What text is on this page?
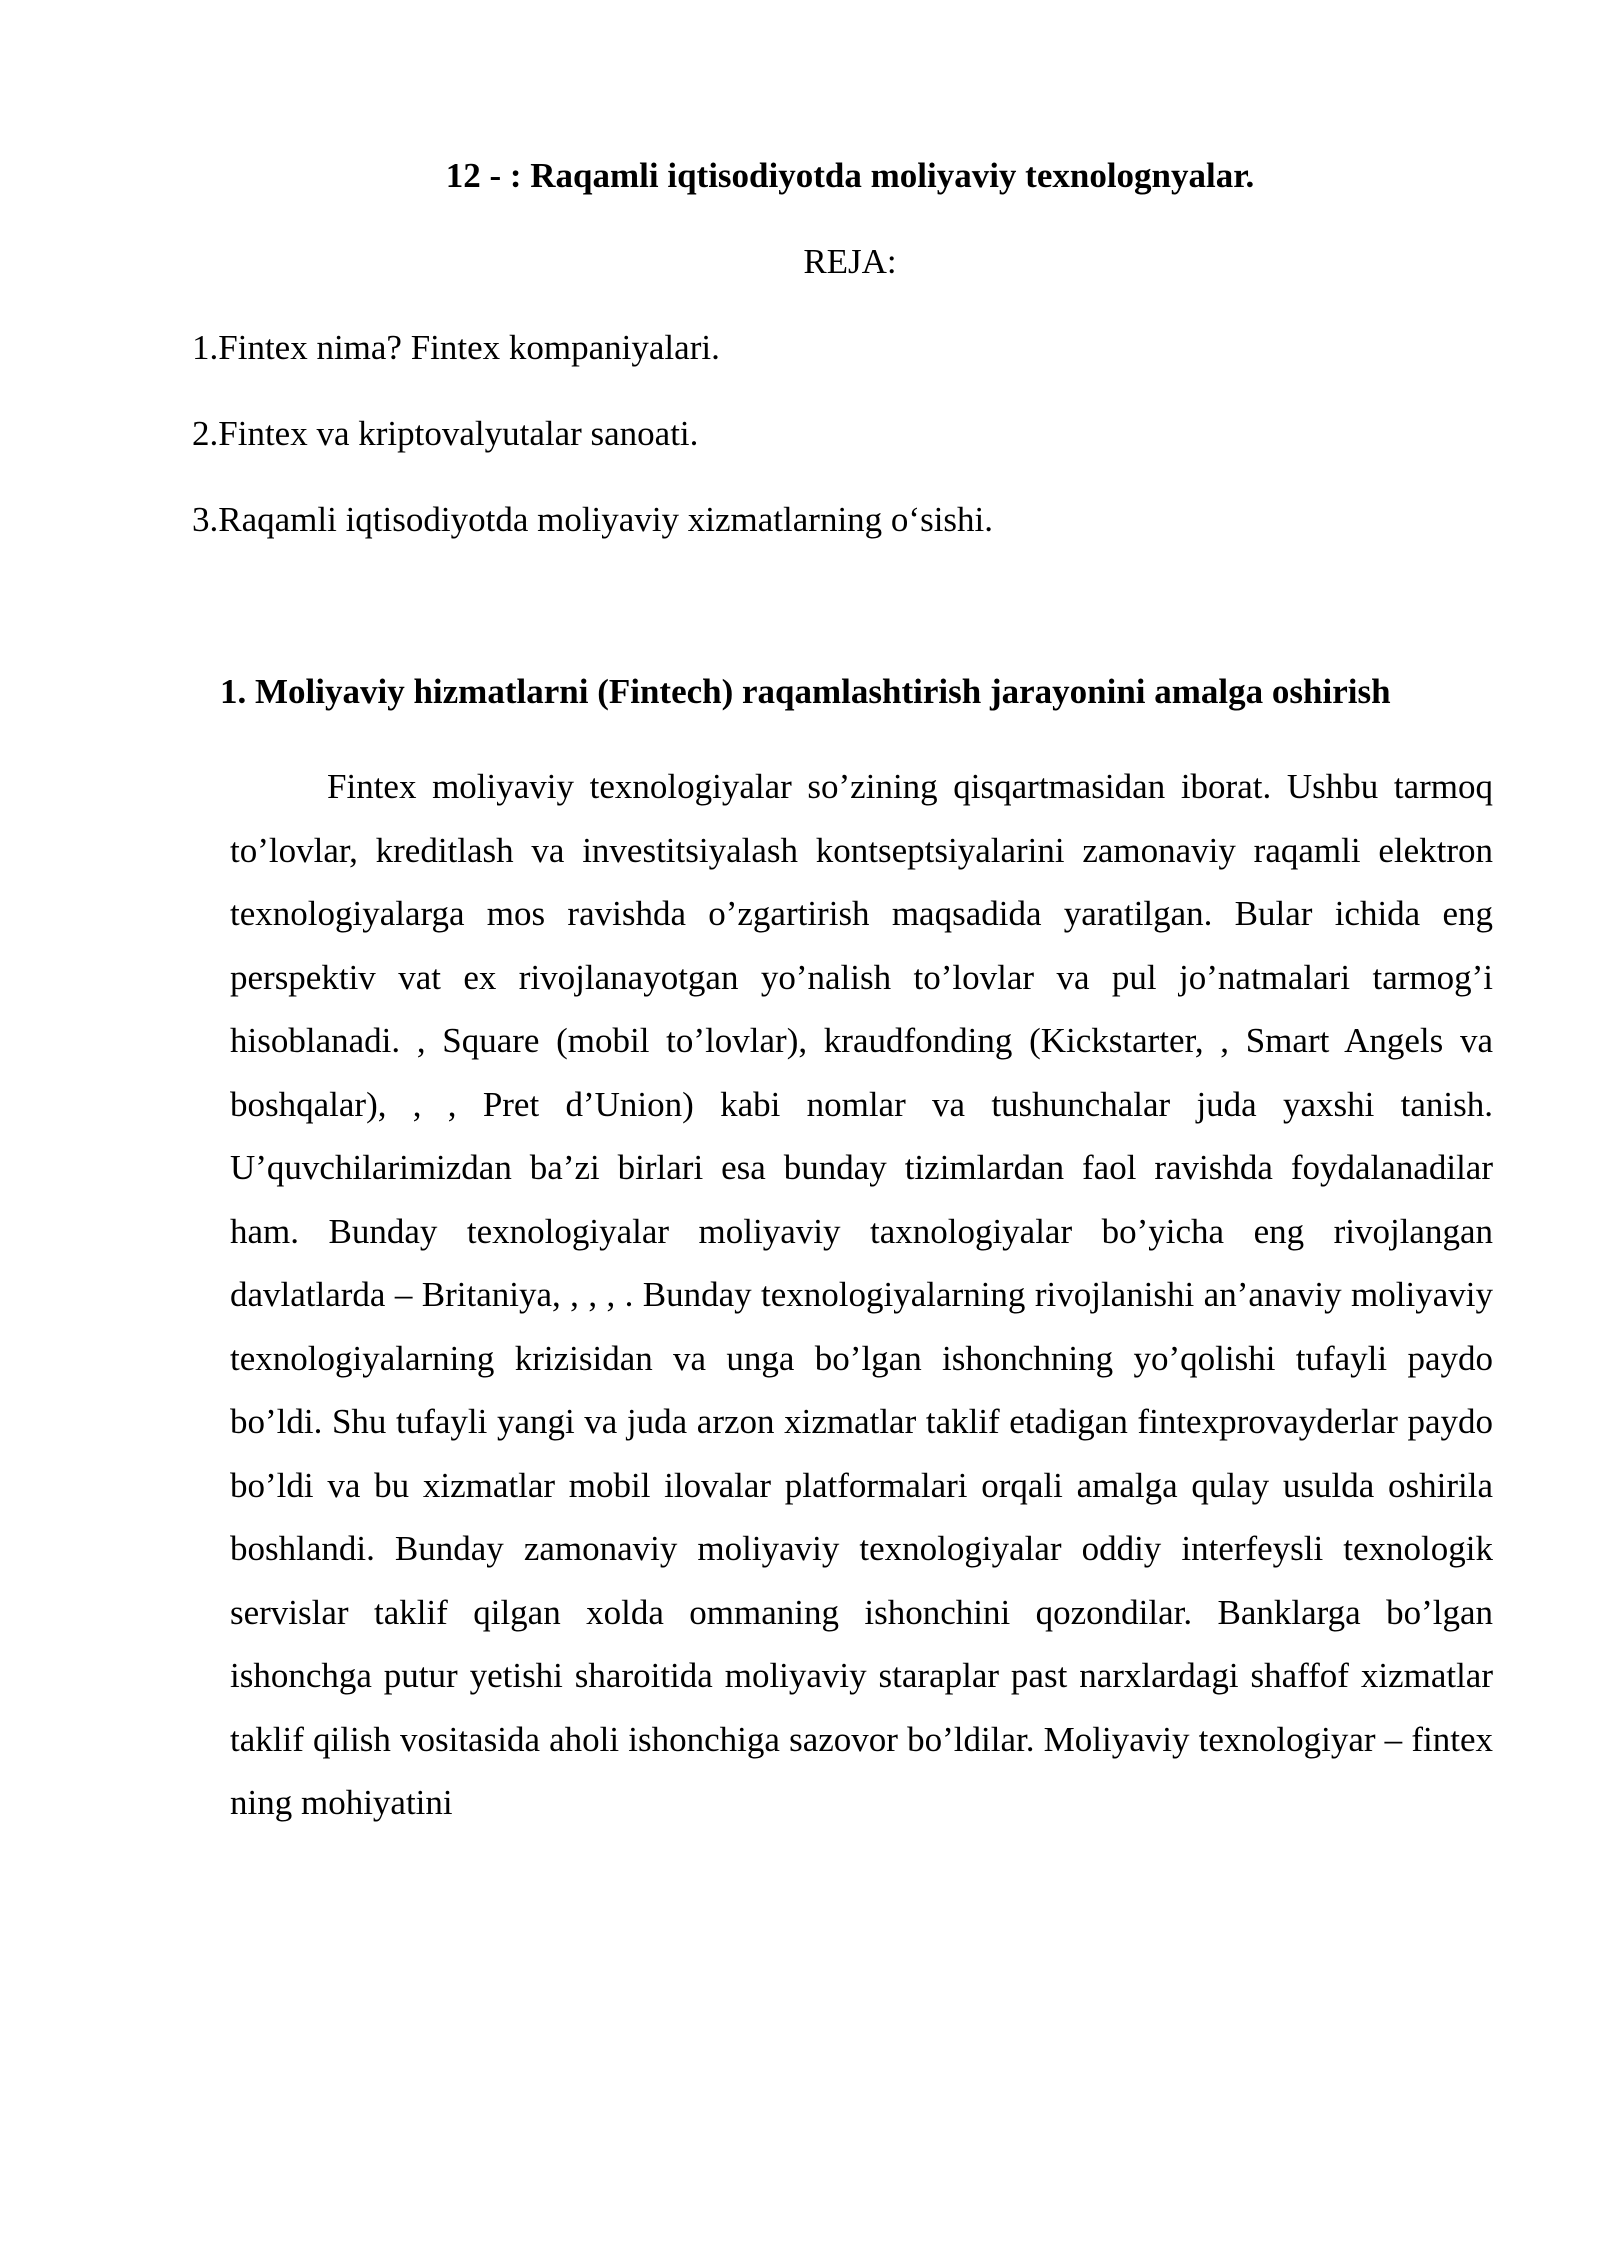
12 - : Raqamli iqtisodiyotda moliyaviy texnolognyalar.
REJA:
1.Fintex nima? Fintex kompaniyalari.
2.Fintex va kriptovalyutalar sanoati.
3.Raqamli iqtisodiyotda moliyaviy xizmatlarning o‘sishi.
1. Moliyaviy hizmatlarni (Fintech) raqamlashtirish jarayonini amalga oshirish

Fintex moliyaviy texnologiyalar so’zining qisqartmasidan iborat. Ushbu tarmoq to’lovlar, kreditlash va investitsiyalash kontseptsiyalarini zamonaviy raqamli elektron texnologiyalarga mos ravishda o’zgartirish maqsadida yaratilgan. Bular ichida eng perspektiv vat ex rivojlanayotgan yo’nalish to’lovlar va pul jo’natmalari tarmog’i hisoblanadi. , Square (mobil to’lovlar), kraudfonding (Kickstarter, , Smart Angels va boshqalar), , , Pret d’Union) kabi nomlar va tushunchalar juda yaxshi tanish. U’quvchilarimizdan ba’zi birlari esa bunday tizimlardan faol ravishda foydalanadilar ham. Bunday texnologiyalar moliyaviy taxnologiyalar bo’yicha eng rivojlangan davlatlarda – Britaniya, , , , . Bunday texnologiyalarning rivojlanishi an’anaviy moliyaviy texnologiyalarning krizisidan va unga bo’lgan ishonchning yo’qolishi tufayli paydo bo’ldi. Shu tufayli yangi va juda arzon xizmatlar taklif etadigan fintexprovayderlar paydo bo’ldi va bu xizmatlar mobil ilovalar platformalari orqali amalga qulay usulda oshirila boshlandi. Bunday zamonaviy moliyaviy texnologiyalar oddiy interfeysli texnologik servislar taklif qilgan xolda ommaning ishonchini qozondilar. Banklarga bo’lgan ishonchga putur yetishi sharoitida moliyaviy staraplar past narxlardagi shaffof xizmatlar taklif qilish vositasida aholi ishonchiga sazovor bo’ldilar. Moliyaviy texnologiyar – fintex ning mohiyatini
